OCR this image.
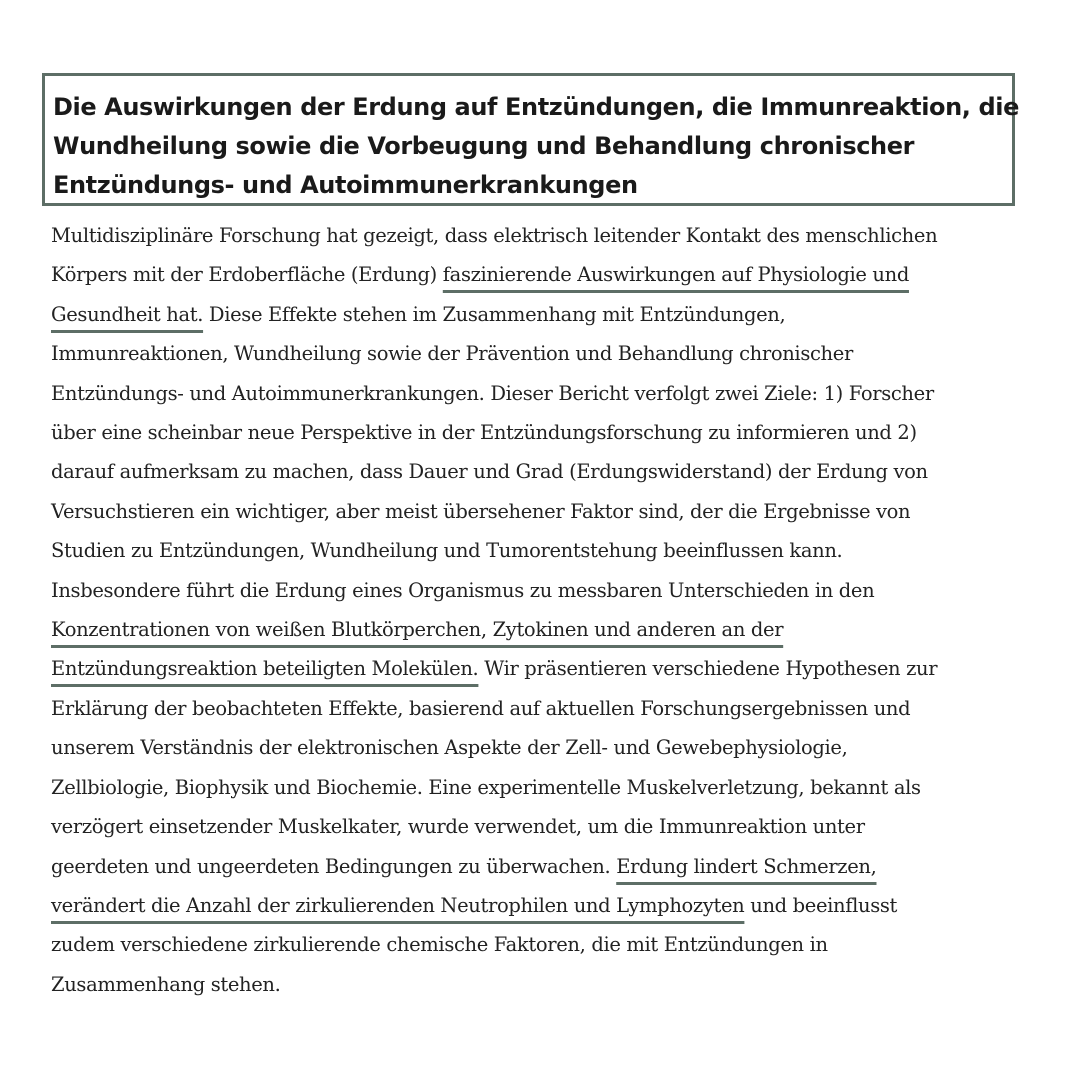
Die Auswirkungen der Erdung auf Entzündungen, die Immunreaktion, die
Wundheilung sowie die Vorbeugung und Behandlung chronischer
Entzündungs- und Autoimmunerkrankungen
Multidisziplinäre Forschung hat gezeigt, dass elektrisch leitender Kontakt des menschlichen
Körpers mit der Erdoberfläche (Erdung) faszinierende Auswirkungen auf Physiologie und
Gesundheit hat. Diese Effekte stehen im Zusammenhang mit Entzündungen,
Immunreaktionen, Wundheilung sowie der Prävention und Behandlung chronischer
Entzündungs- und Autoimmunerkrankungen. Dieser Bericht verfolgt zwei Ziele: 1) Forscher
über eine scheinbar neue Perspektive in der Entzündungsforschung zu informieren und 2)
darauf aufmerksam zu machen, dass Dauer und Grad (Erdungswiderstand) der Erdung von
Versuchstieren ein wichtiger, aber meist übersehener Faktor sind, der die Ergebnisse von
Studien zu Entzündungen, Wundheilung und Tumorentstehung beeinflussen kann.
Insbesondere führt die Erdung eines Organismus zu messbaren Unterschieden in den
Konzentrationen von weißen Blutkörperchen, Zytokinen und anderen an der
Entzündungsreaktion beteiligten Molekülen. Wir präsentieren verschiedene Hypothesen zur
Erklärung der beobachteten Effekte, basierend auf aktuellen Forschungsergebnissen und
unserem Verständnis der elektronischen Aspekte der Zell- und Gewebephysiologie,
Zellbiologie, Biophysik und Biochemie. Eine experimentelle Muskelverletzung, bekannt als
verzögert einsetzender Muskelkater, wurde verwendet, um die Immunreaktion unter
geerdeten und ungeerdeten Bedingungen zu überwachen. Erdung lindert Schmerzen,
verändert die Anzahl der zirkulierenden Neutrophilen und Lymphozyten und beeinflusst
zudem verschiedene zirkulierende chemische Faktoren, die mit Entzündungen in
Zusammenhang stehen.
